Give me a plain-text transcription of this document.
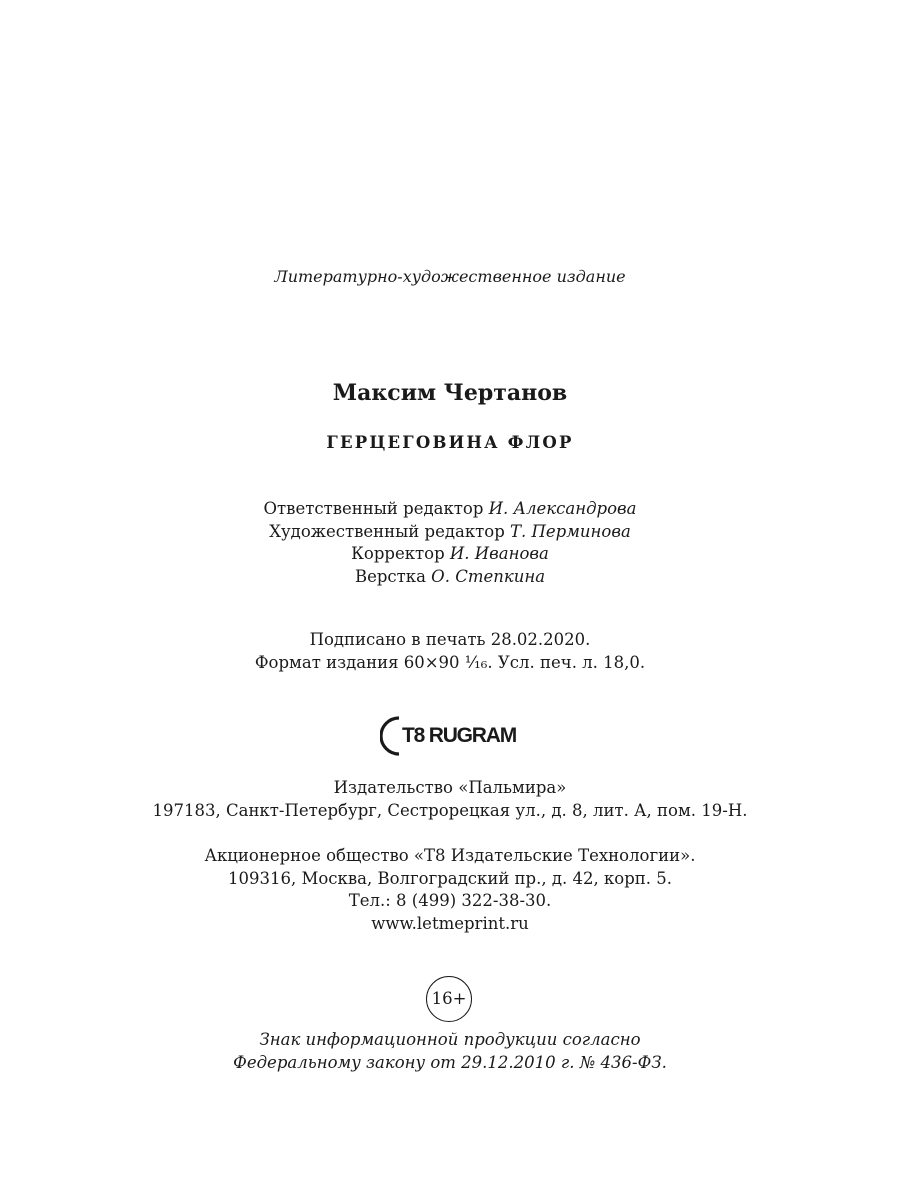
Литературно-художественное издание
Максим Чертанов
ГЕРЦЕГОВИНА ФЛОР
Ответственный редактор И. Александрова
Художественный редактор Т. Перминова
Корректор И. Иванова
Верстка О. Степкина
Подписано в печать 28.02.2020.
Формат издания 60×90 ¹⁄₁₆. Усл. печ. л. 18,0.
T8 RUGRAM
Издательство «Пальмира»
197183, Санкт-Петербург, Сестрорецкая ул., д. 8, лит. А, пом. 19-Н.
Акционерное общество «Т8 Издательские Технологии».
109316, Москва, Волгоградский пр., д. 42, корп. 5.
Тел.: 8 (499) 322-38-30.
www.letmeprint.ru
16+
Знак информационной продукции согласно
Федеральному закону от 29.12.2010 г. № 436-ФЗ.
